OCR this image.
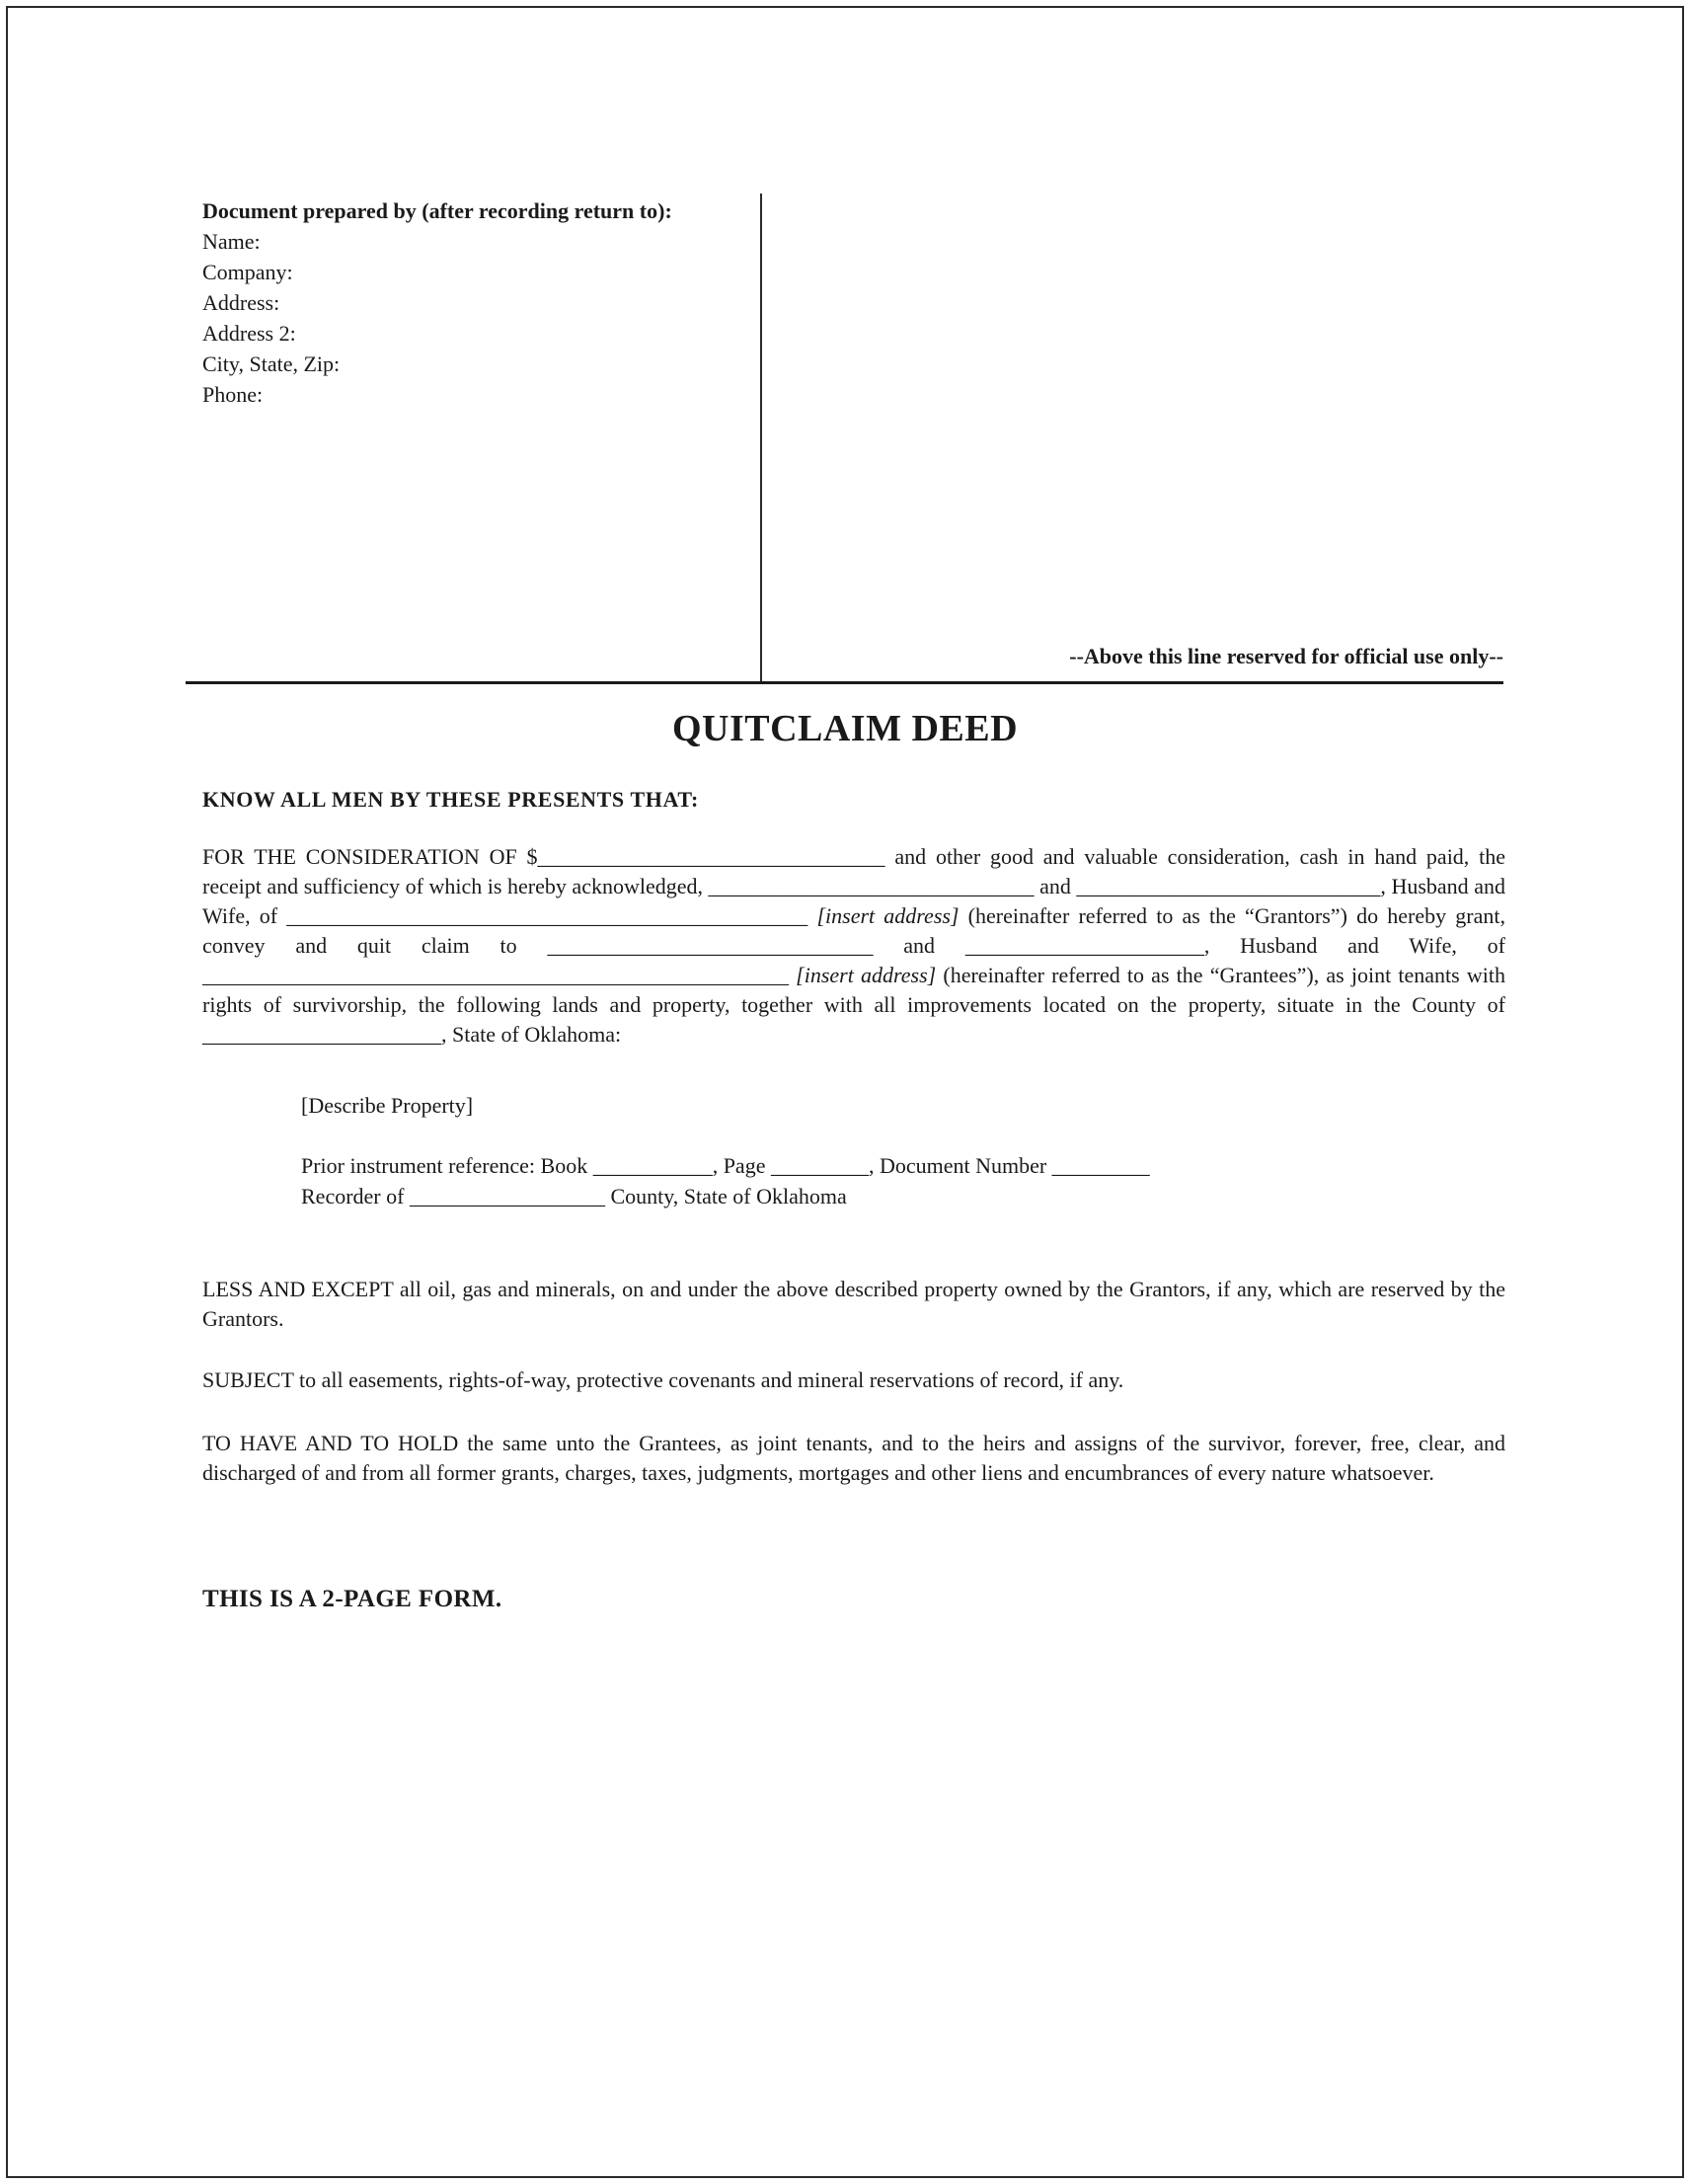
Document prepared by (after recording return to):
Name:
Company:
Address:
Address 2:
City, State, Zip:
Phone:
--Above this line reserved for official use only--
QUITCLAIM DEED
KNOW ALL MEN BY THESE PRESENTS THAT:

FOR THE CONSIDERATION OF $________________________________ and other good and valuable consideration, cash in hand paid, the receipt and sufficiency of which is hereby acknowledged, ______________________________ and ____________________________, Husband and Wife, of ________________________________________________ [insert address] (hereinafter referred to as the “Grantors”) do hereby grant, convey and quit claim to ______________________________ and ______________________, Husband and Wife, of ______________________________________________________ [insert address] (hereinafter referred to as the “Grantees”), as joint tenants with rights of survivorship, the following lands and property, together with all improvements located on the property, situate in the County of ______________________, State of Oklahoma:

[Describe Property]
Prior instrument reference: Book ___________, Page _________, Document Number _________
Recorder of __________________ County, State of Oklahoma

LESS AND EXCEPT all oil, gas and minerals, on and under the above described property owned by the Grantors, if any, which are reserved by the Grantors.

SUBJECT to all easements, rights-of-way, protective covenants and mineral reservations of record, if any.

TO HAVE AND TO HOLD the same unto the Grantees, as joint tenants, and to the heirs and assigns of the survivor, forever, free, clear, and discharged of and from all former grants, charges, taxes, judgments, mortgages and other liens and encumbrances of every nature whatsoever.

THIS IS A 2-PAGE FORM.
